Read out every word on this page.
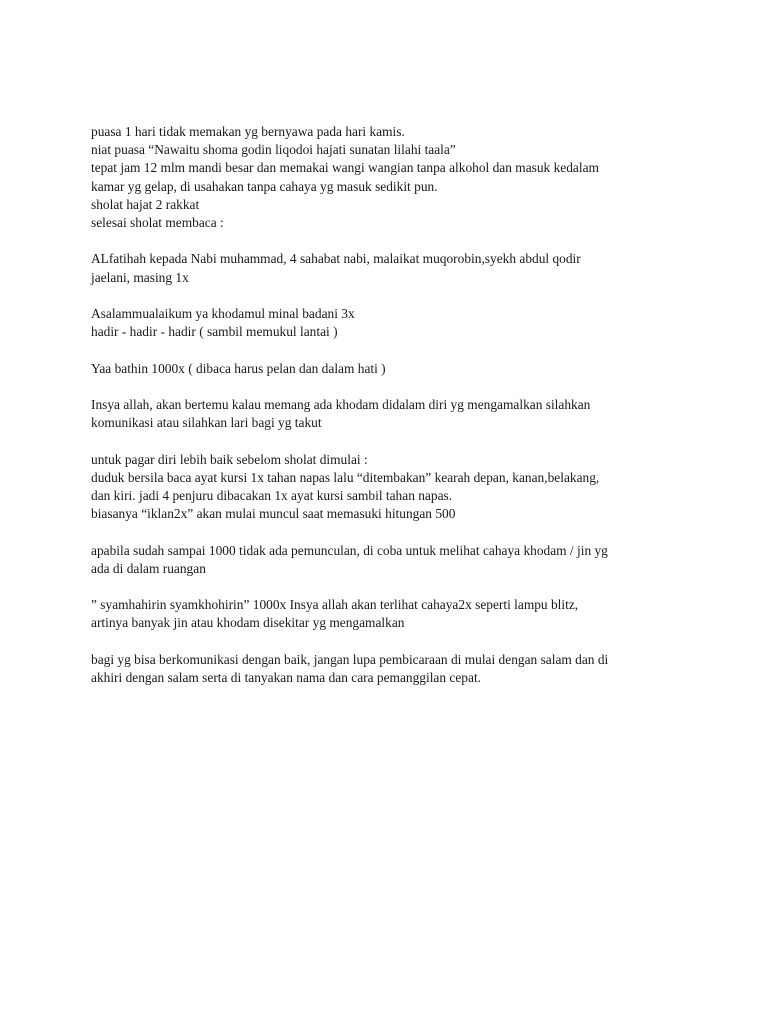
puasa 1 hari tidak memakan yg bernyawa pada hari kamis.
niat puasa “Nawaitu shoma godin liqodoi hajati sunatan lilahi taala”
tepat jam 12 mlm mandi besar dan memakai wangi wangian tanpa alkohol dan masuk kedalam
kamar yg gelap, di usahakan tanpa cahaya yg masuk sedikit pun.
sholat hajat 2 rakkat
selesai sholat membaca :

ALfatihah kepada Nabi muhammad, 4 sahabat nabi, malaikat muqorobin,syekh abdul qodir
jaelani, masing 1x

Asalammualaikum ya khodamul minal badani 3x
hadir - hadir - hadir ( sambil memukul lantai )

Yaa bathin 1000x ( dibaca harus pelan dan dalam hati )

Insya allah, akan bertemu kalau memang ada khodam didalam diri yg mengamalkan silahkan
komunikasi atau silahkan lari bagi yg takut

untuk pagar diri lebih baik sebelom sholat dimulai :
duduk bersila baca ayat kursi 1x tahan napas lalu “ditembakan” kearah depan, kanan,belakang,
dan kiri. jadi 4 penjuru dibacakan 1x ayat kursi sambil tahan napas.
biasanya “iklan2x” akan mulai muncul saat memasuki hitungan 500

apabila sudah sampai 1000 tidak ada pemunculan, di coba untuk melihat cahaya khodam / jin yg
ada di dalam ruangan

” syamhahirin syamkhohirin” 1000x Insya allah akan terlihat cahaya2x seperti lampu blitz,
artinya banyak jin atau khodam disekitar yg mengamalkan

bagi yg bisa berkomunikasi dengan baik, jangan lupa pembicaraan di mulai dengan salam dan di
akhiri dengan salam serta di tanyakan nama dan cara pemanggilan cepat.
